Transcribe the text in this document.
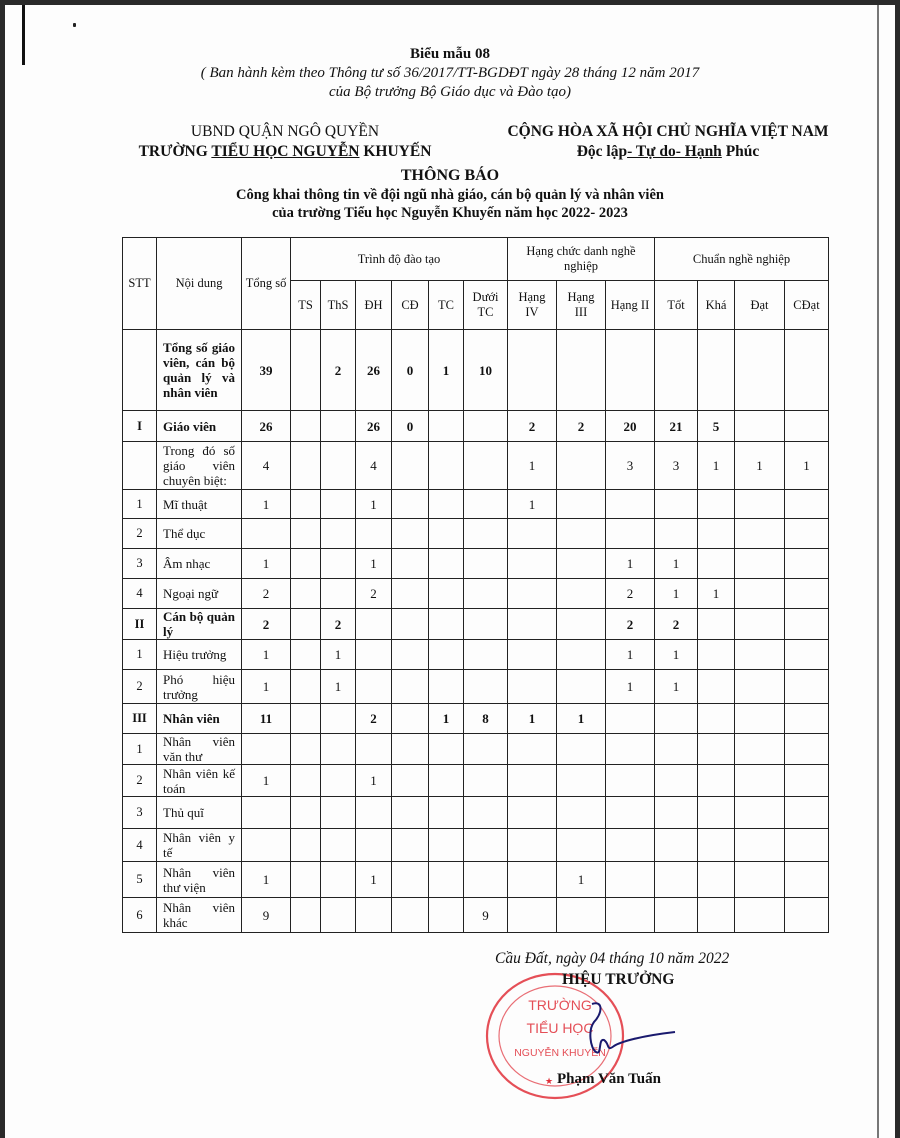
Biểu mẫu 08
( Ban hành kèm theo Thông tư số 36/2017/TT-BGDĐT ngày 28 tháng 12 năm 2017
của Bộ trưởng Bộ Giáo dục và Đào tạo)
UBND QUẬN NGÔ QUYỀN
TRƯỜNG TIỂU HỌC NGUYỄN KHUYẾN
CỘNG HÒA XÃ HỘI CHỦ NGHĨA VIỆT NAM
Độc lập- Tự do- Hạnh Phúc
THÔNG BÁO
Công khai thông tin về đội ngũ nhà giáo, cán bộ quản lý và nhân viên
của trường Tiểu học Nguyễn Khuyến năm học 2022- 2023
STT	Nội dung	Tổng số	Trình độ đào tạo						Hạng chức danh nghề nghiệp			Chuẩn nghề nghiệp			
			TS	ThS	ĐH	CĐ	TC	Dưới TC	Hạng IV	Hạng III	Hạng II	Tốt	Khá	Đạt	CĐạt
	Tổng số giáo viên, cán bộ quản lý và nhân viên	39		2	26	0	1	10							
I	Giáo viên	26			26	0			2	2	20	21	5		
	Trong đó số giáo viên chuyên biệt:	4			4				1		3	3	1	1	1
1	Mĩ thuật	1			1				1						
2	Thể dục														
3	Âm nhạc	1			1						1	1			
4	Ngoại ngữ	2			2						2	1	1		
II	Cán bộ quản lý	2		2							2	2			
1	Hiệu trưởng	1		1							1	1			
2	Phó hiệu trưởng	1		1							1	1			
III	Nhân viên	11			2		1	8	1	1					
1	Nhân viên văn thư														
2	Nhân viên kế toán	1			1										
3	Thủ quĩ														
4	Nhân viên y tế														
5	Nhân viên thư viện	1			1					1					
6	Nhân viên khác	9						9							
TRƯỜNG
TIỂU HỌC
NGUYỄN KHUYẾN
★
Cầu Đất, ngày 04 tháng 10 năm 2022
HIỆU TRƯỞNG
Phạm Văn Tuấn
